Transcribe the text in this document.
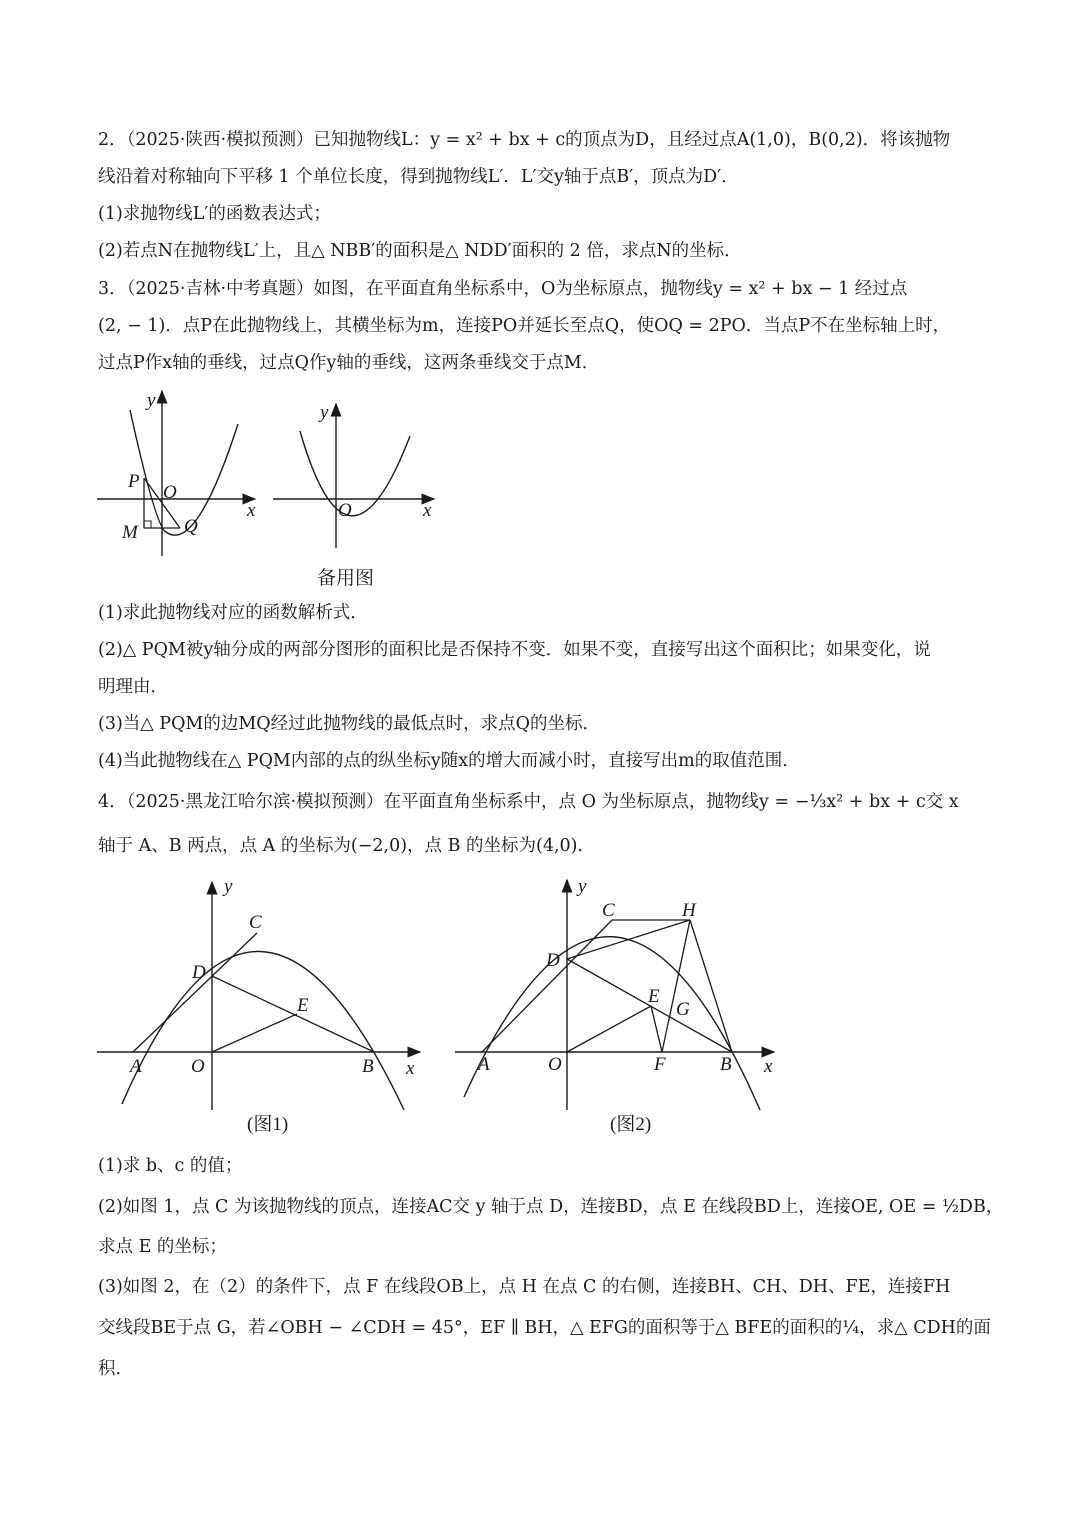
2．（2025·陕西·模拟预测）已知抛物线L：y = x² + bx + c的顶点为D，且经过点A(1,0)，B(0,2)．将该抛物
线沿着对称轴向下平移 1 个单位长度，得到抛物线L′．L′交y轴于点B′，顶点为D′．
(1)求抛物线L′的函数表达式；
(2)若点N在抛物线L′上，且△ NBB′的面积是△ NDD′面积的 2 倍，求点N的坐标．
3．（2025·吉林·中考真题）如图，在平面直角坐标系中，O为坐标原点，抛物线y = x² + bx − 1 经过点
(2, − 1)．点P在此抛物线上，其横坐标为m，连接PO并延长至点Q，使OQ = 2PO．当点P不在坐标轴上时，
过点P作x轴的垂线，过点Q作y轴的垂线，这两条垂线交于点M．
y
x
O
P
M Q
y
x
O
备用图
(1)求此抛物线对应的函数解析式．
(2)△ PQM被y轴分成的两部分图形的面积比是否保持不变．如果不变，直接写出这个面积比；如果变化，说
明理由．
(3)当△ PQM的边MQ经过此抛物线的最低点时，求点Q的坐标．
(4)当此抛物线在△ PQM内部的点的纵坐标y随x的增大而减小时，直接写出m的取值范围．
4．（2025·黑龙江哈尔滨·模拟预测）在平面直角坐标系中，点 O 为坐标原点，抛物线y = −⅓x² + bx + c交 x
轴于 A、B 两点，点 A 的坐标为(−2,0)，点 B 的坐标为(4,0)．
y
x
O
A	B
C
D
E
(图1)
y
x
O
A	B
C
D
E
F
G
H
(图2)
(1)求 b、c 的值；
(2)如图 1，点 C 为该抛物线的顶点，连接AC交 y 轴于点 D，连接BD，点 E 在线段BD上，连接OE, OE = ½DB，
求点 E 的坐标；
(3)如图 2，在（2）的条件下，点 F 在线段OB上，点 H 在点 C 的右侧，连接BH、CH、DH、FE，连接FH
交线段BE于点 G，若∠OBH − ∠CDH = 45°，EF ∥ BH，△ EFG的面积等于△ BFE的面积的¼，求△ CDH的面
积．
